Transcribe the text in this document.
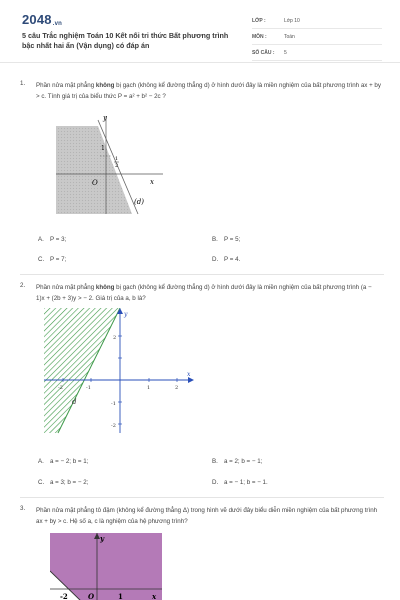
2048.vn
5 câu Trắc nghiệm Toán 10 Kết nối tri thức Bất phương trình bậc nhất hai ẩn (Vận dụng) có đáp án
LỚP :	Lớp 10
MÔN :	Toán
SỐ CÂU : 5
1. Phần nửa mặt phẳng không bị gạch (không kể đường thẳng d) ở hình dưới đây là miền nghiệm của bất phương trình ax + by > c. Tính giá trị của biểu thức P = a² + b² − 2c ?
y
x
O
1
1
2
(d)
A. P = 3;	B. P = 5;
C. P = 7;	D. P = 4.
2. Phần nửa mặt phẳng không bị gạch (không kể đường thẳng d) ở hình dưới đây là miền nghiệm của bất phương trình (a − 1)x + (2b + 3)y > − 2. Giá trị của a, b là?
y
x
2
-2	-1	1	2
-1
-2
d
A. a = − 2; b = 1;	B. a = 2; b = − 1;
C. a = 3; b = − 2;	D. a = − 1; b = − 1.
3. Phần nửa mặt phẳng tô đậm (không kể đường thẳng Δ) trong hình vẽ dưới đây biểu diễn miền nghiệm của bất phương trình ax + by > c. Hệ số a, c là nghiệm của hệ phương trình?
y
x
O
-2	1
